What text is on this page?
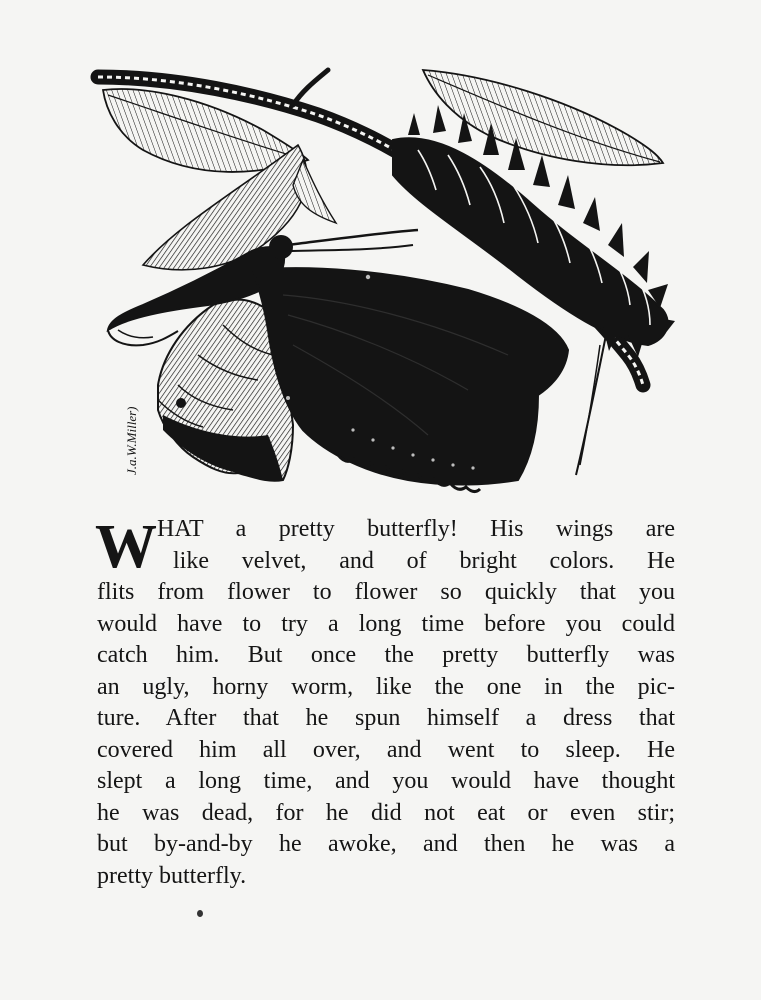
J.a.W.Miller)
W HAT a pretty butterfly! His wings are
like velvet, and of bright colors. He
flits from flower to flower so quickly that you
would have to try a long time before you could
catch him. But once the pretty butterfly was
an ugly, horny worm, like the one in the pic-
ture. After that he spun himself a dress that
covered him all over, and went to sleep. He
slept a long time, and you would have thought
he was dead, for he did not eat or even stir;
but by-and-by he awoke, and then he was a
pretty butterfly.
